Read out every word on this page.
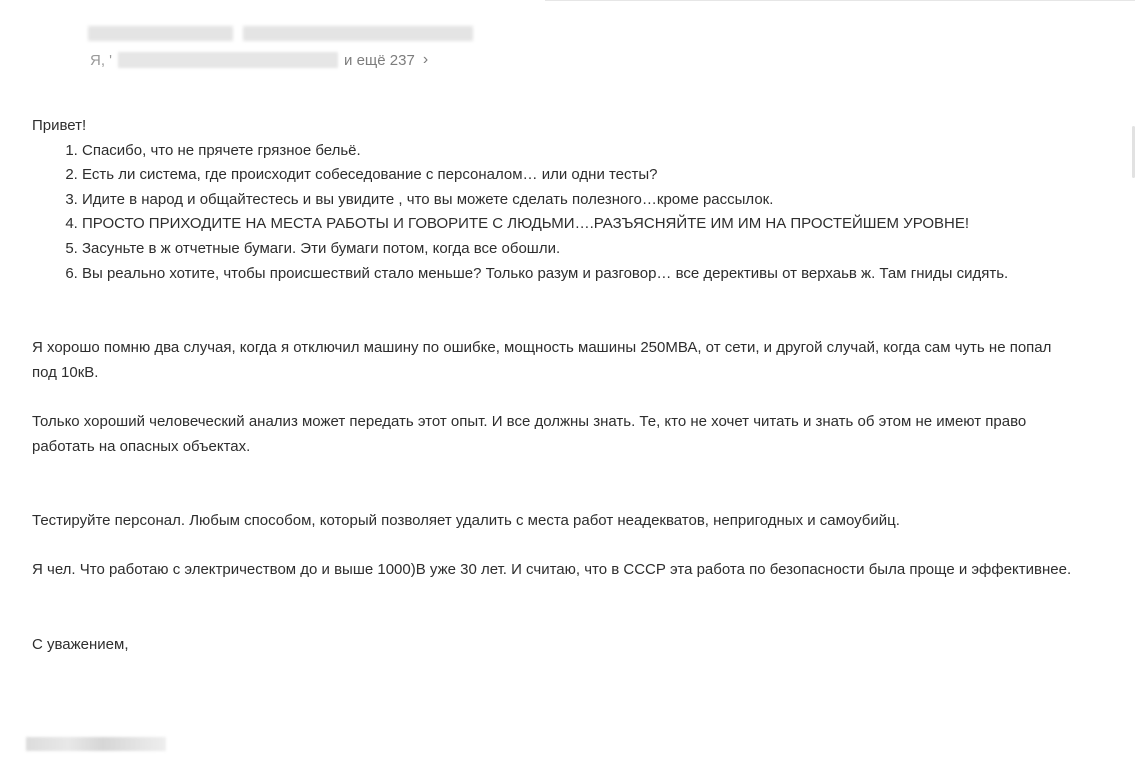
Я, '	и ещё 237 ›

Привет!

1. Спасибо, что не прячете грязное бельё.
2. Есть ли система, где происходит собеседование с персоналом… или одни тесты?
3. Идите в народ и общайтестесь и вы увидите , что вы можете сделать полезного…кроме рассылок.
4. ПРОСТО ПРИХОДИТЕ НА МЕСТА РАБОТЫ И ГОВОРИТЕ С ЛЮДЬМИ….РАЗЪЯСНЯЙТЕ ИМ ИМ НА ПРОСТЕЙШЕМ УРОВНЕ!
5. Засуньте в ж отчетные бумаги. Эти бумаги потом, когда все обошли.
6. Вы реально хотите, чтобы происшествий стало меньше? Только разум и разговор… все дерективы от верхаьв ж. Там гниды сидять.

Я хорошо помню два случая, когда я отключил машину по ошибке, мощность машины 250МВА, от сети, и другой случай, когда сам чуть не попал под 10кВ.

Только хороший человеческий анализ может передать этот опыт. И все должны знать. Те, кто не хочет читать и знать об этом не имеют право работать на опасных объектах.

Тестируйте персонал. Любым способом, который позволяет удалить с места работ неадекватов, непригодных и самоубийц.

Я чел. Что работаю с электричеством до и выше 1000)В уже 30 лет. И считаю, что в СССР эта работа по безопасности была проще и эффективнее.

С уважением,
